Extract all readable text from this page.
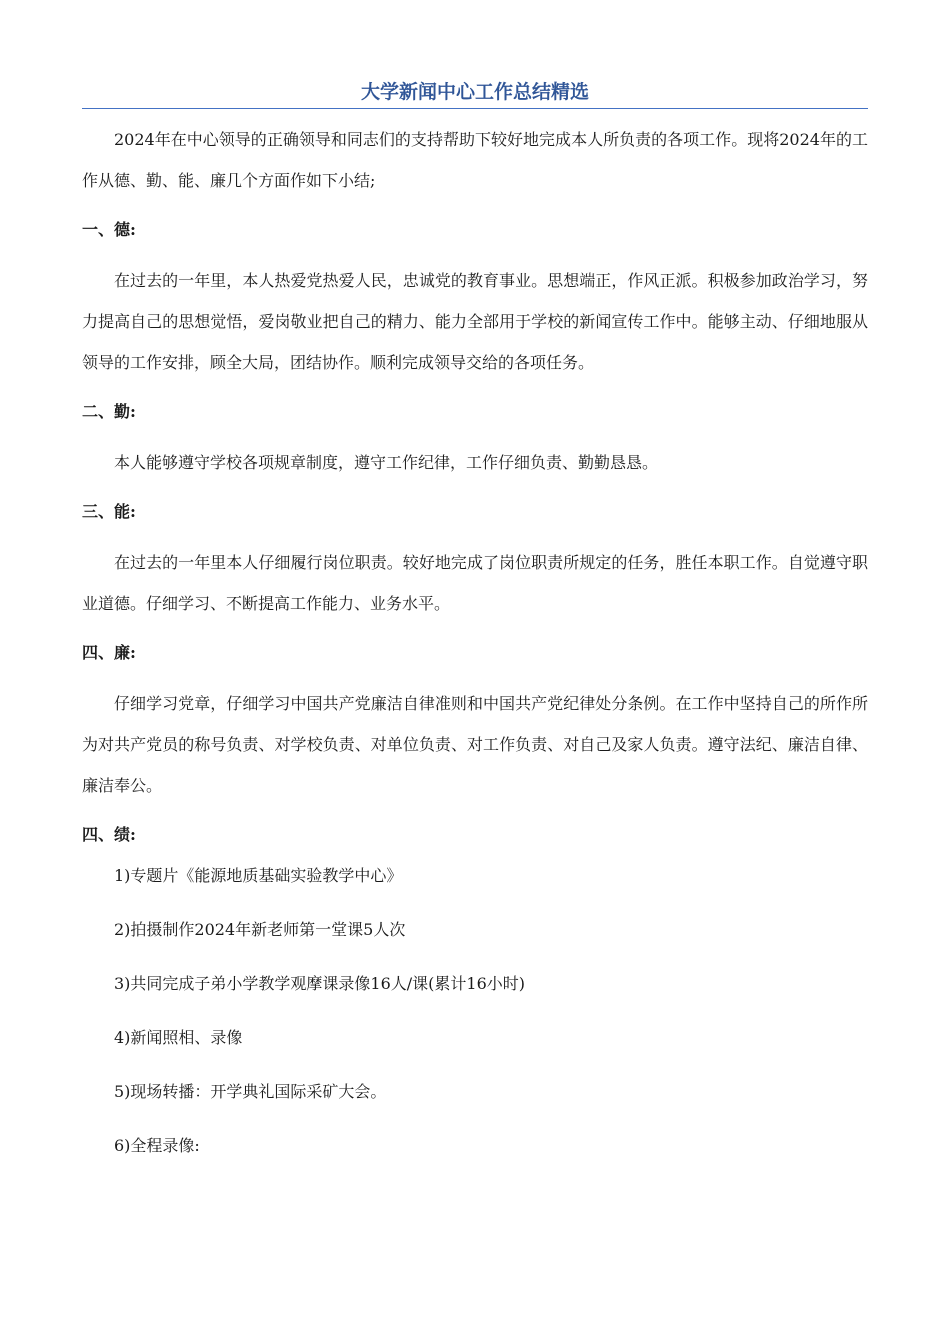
大学新闻中心工作总结精选

2024年在中心领导的正确领导和同志们的支持帮助下较好地完成本人所负责的各项工作。现将2024年的工作从德、勤、能、廉几个方面作如下小结;

一、德:

在过去的一年里，本人热爱党热爱人民，忠诚党的教育事业。思想端正，作风正派。积极参加政治学习，努力提高自己的思想觉悟，爱岗敬业把自己的精力、能力全部用于学校的新闻宣传工作中。能够主动、仔细地服从领导的工作安排，顾全大局，团结协作。顺利完成领导交给的各项任务。

二、勤:

本人能够遵守学校各项规章制度，遵守工作纪律，工作仔细负责、勤勤恳恳。

三、能:

在过去的一年里本人仔细履行岗位职责。较好地完成了岗位职责所规定的任务，胜任本职工作。自觉遵守职业道德。仔细学习、不断提高工作能力、业务水平。

四、廉:

仔细学习党章，仔细学习中国共产党廉洁自律准则和中国共产党纪律处分条例。在工作中坚持自己的所作所为对共产党员的称号负责、对学校负责、对单位负责、对工作负责、对自己及家人负责。遵守法纪、廉洁自律、廉洁奉公。

四、绩:

1)专题片《能源地质基础实验教学中心》

2)拍摄制作2024年新老师第一堂课5人次

3)共同完成子弟小学教学观摩课录像16人/课(累计16小时)

4)新闻照相、录像

5)现场转播：开学典礼国际采矿大会。

6)全程录像:
